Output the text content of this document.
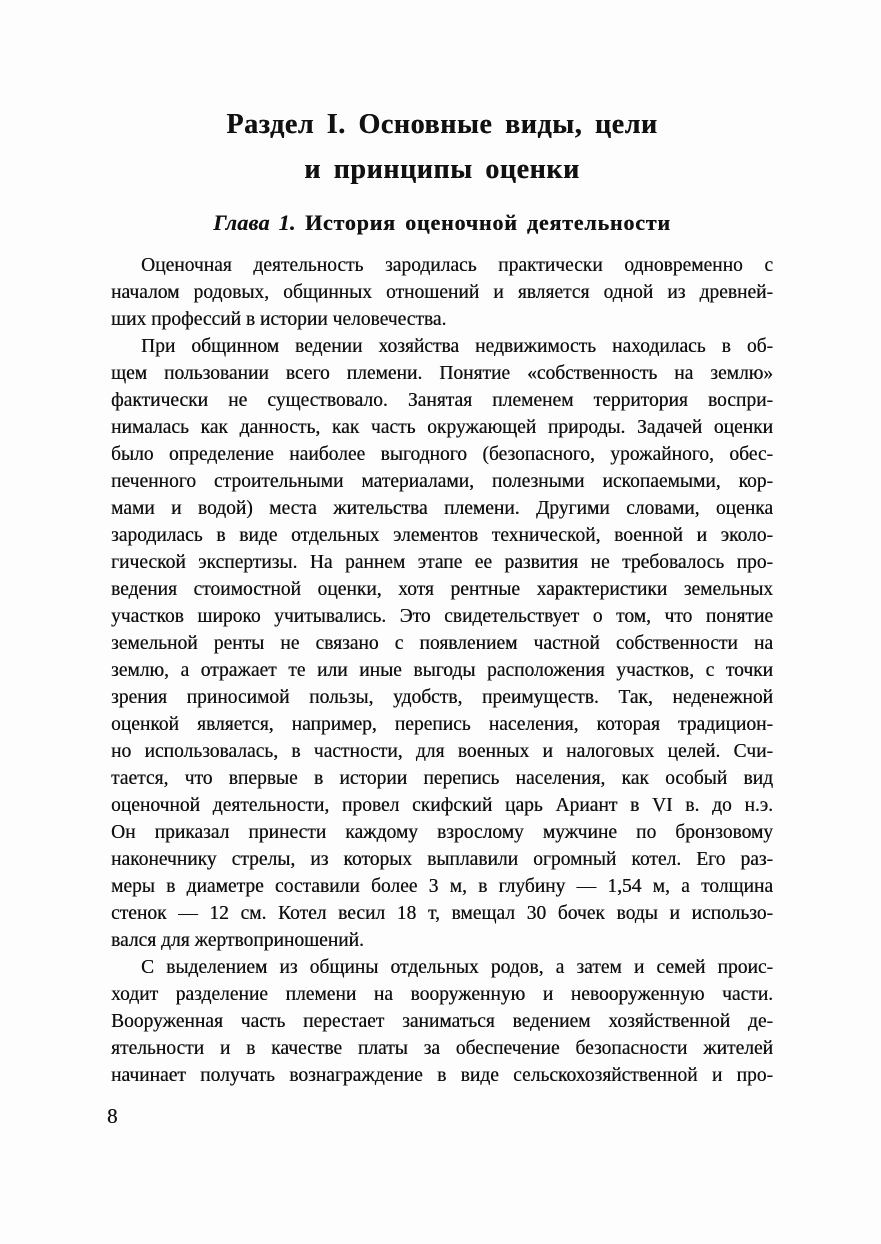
Раздел I. Основные виды, цели
и принципы оценки
Глава 1. История оценочной деятельности
Оценочная деятельность зародилась практически одновременно с
началом родовых, общинных отношений и является одной из древней-
ших профессий в истории человечества.
При общинном ведении хозяйства недвижимость находилась в об-
щем пользовании всего племени. Понятие «собственность на землю»
фактически не существовало. Занятая племенем территория воспри-
нималась как данность, как часть окружающей природы. Задачей оценки
было определение наиболее выгодного (безопасного, урожайного, обес-
печенного строительными материалами, полезными ископаемыми, кор-
мами и водой) места жительства племени. Другими словами, оценка
зародилась в виде отдельных элементов технической, военной и эколо-
гической экспертизы. На раннем этапе ее развития не требовалось про-
ведения стоимостной оценки, хотя рентные характеристики земельных
участков широко учитывались. Это свидетельствует о том, что понятие
земельной ренты не связано с появлением частной собственности на
землю, а отражает те или иные выгоды расположения участков, с точки
зрения приносимой пользы, удобств, преимуществ. Так, неденежной
оценкой является, например, перепись населения, которая традицион-
но использовалась, в частности, для военных и налоговых целей. Счи-
тается, что впервые в истории перепись населения, как особый вид
оценочной деятельности, провел скифский царь Ариант в VI в. до н.э.
Он приказал принести каждому взрослому мужчине по бронзовому
наконечнику стрелы, из которых выплавили огромный котел. Его раз-
меры в диаметре составили более 3 м, в глубину — 1,54 м, а толщина
стенок — 12 см. Котел весил 18 т, вмещал 30 бочек воды и использо-
вался для жертвоприношений.
С выделением из общины отдельных родов, а затем и семей проис-
ходит разделение племени на вооруженную и невооруженную части.
Вооруженная часть перестает заниматься ведением хозяйственной де-
ятельности и в качестве платы за обеспечение безопасности жителей
начинает получать вознаграждение в виде сельскохозяйственной и про-
8
